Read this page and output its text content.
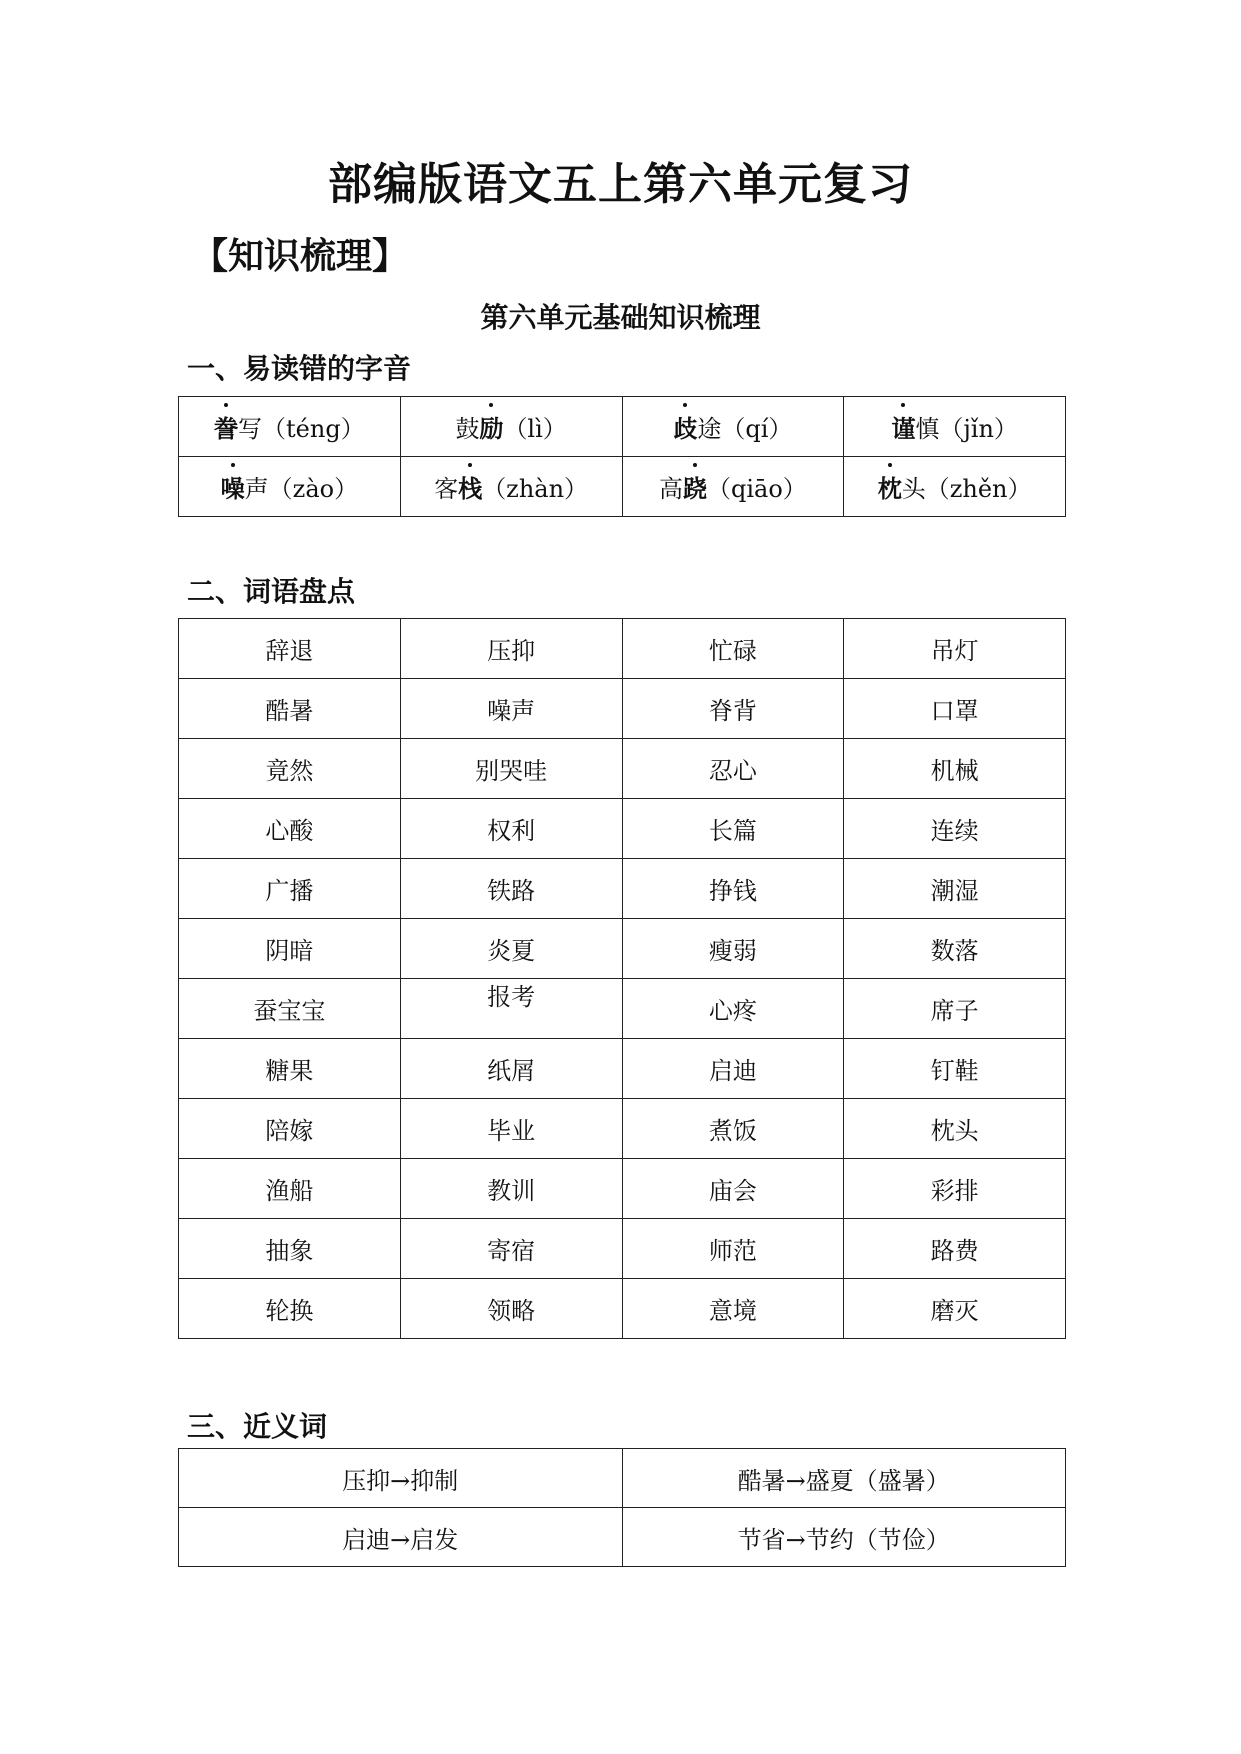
部编版语文五上第六单元复习
【知识梳理】
第六单元基础知识梳理
一、易读错的字音
誊写（téng）	鼓励（lì）	歧途（qí）	谨慎（jǐn）
噪声（zào）	客栈（zhàn）	高跷（qiāo）	枕头（zhěn）
二、词语盘点
辞退	压抑	忙碌	吊灯
酷暑	噪声	脊背	口罩
竟然	别哭哇	忍心	机械
心酸	权利	长篇	连续
广播	铁路	挣钱	潮湿
阴暗	炎夏	瘦弱	数落
蚕宝宝	报考	心疼	席子
糖果	纸屑	启迪	钉鞋
陪嫁	毕业	煮饭	枕头
渔船	教训	庙会	彩排
抽象	寄宿	师范	路费
轮换	领略	意境	磨灭
三、近义词
压抑→抑制	酷暑→盛夏（盛暑）
启迪→启发	节省→节约（节俭）
